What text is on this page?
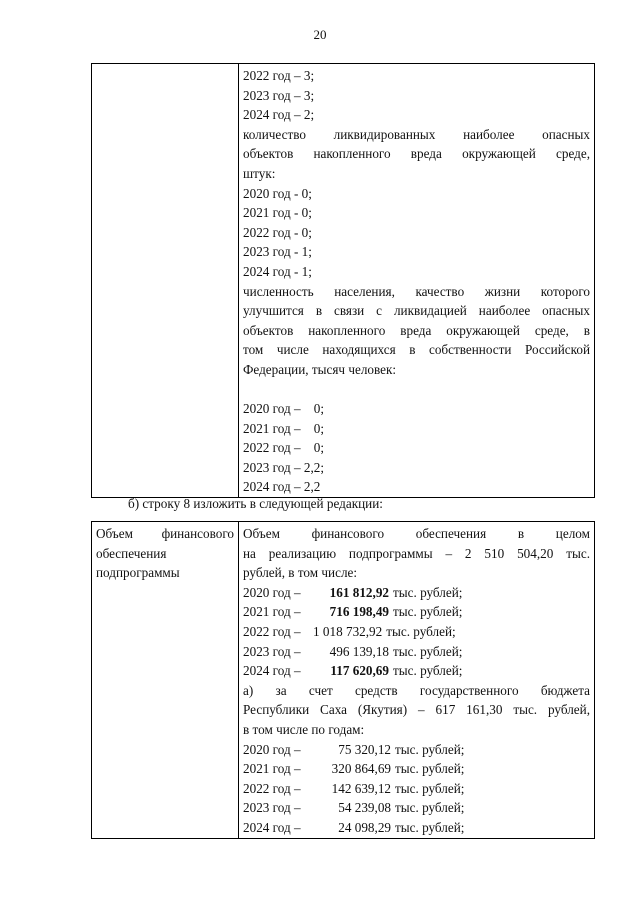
20

2022 год – 3;
2023 год – 3;
2024 год – 2;
количество ликвидированных наиболее опасных
объектов накопленного вреда окружающей среде,
штук:
2020 год - 0;
2021 год - 0;
2022 год - 0;
2023 год - 1;
2024 год - 1;
численность населения, качество жизни которого
улучшится в связи с ликвидацией наиболее опасных
объектов накопленного вреда окружающей среде, в
том числе находящихся в собственности Российской
Федерации, тысяч человек:
2020 год –    0;
2021 год –    0;
2022 год –    0;
2023 год – 2,2;
2024 год – 2,2
б) строку 8 изложить в следующей редакции:
Объем финансового
обеспечения
подпрограммы

Объем финансового обеспечения в целом
на реализацию подпрограммы – 2 510 504,20 тыс.
рублей, в том числе:
2020 год – 161 812,92 тыс. рублей;
2021 год – 716 198,49 тыс. рублей;
2022 год – 1 018 732,92 тыс. рублей;
2023 год – 496 139,18 тыс. рублей;
2024 год – 117 620,69 тыс. рублей;
а) за счет средств государственного бюджета
Республики Саха (Якутия) – 617 161,30 тыс. рублей,
в том числе по годам:
2020 год –	75 320,12 тыс. рублей;
2021 год – 320 864,69 тыс. рублей;
2022 год – 142 639,12 тыс. рублей;
2023 год –	54 239,08 тыс. рублей;
2024 год –	24 098,29 тыс. рублей;
